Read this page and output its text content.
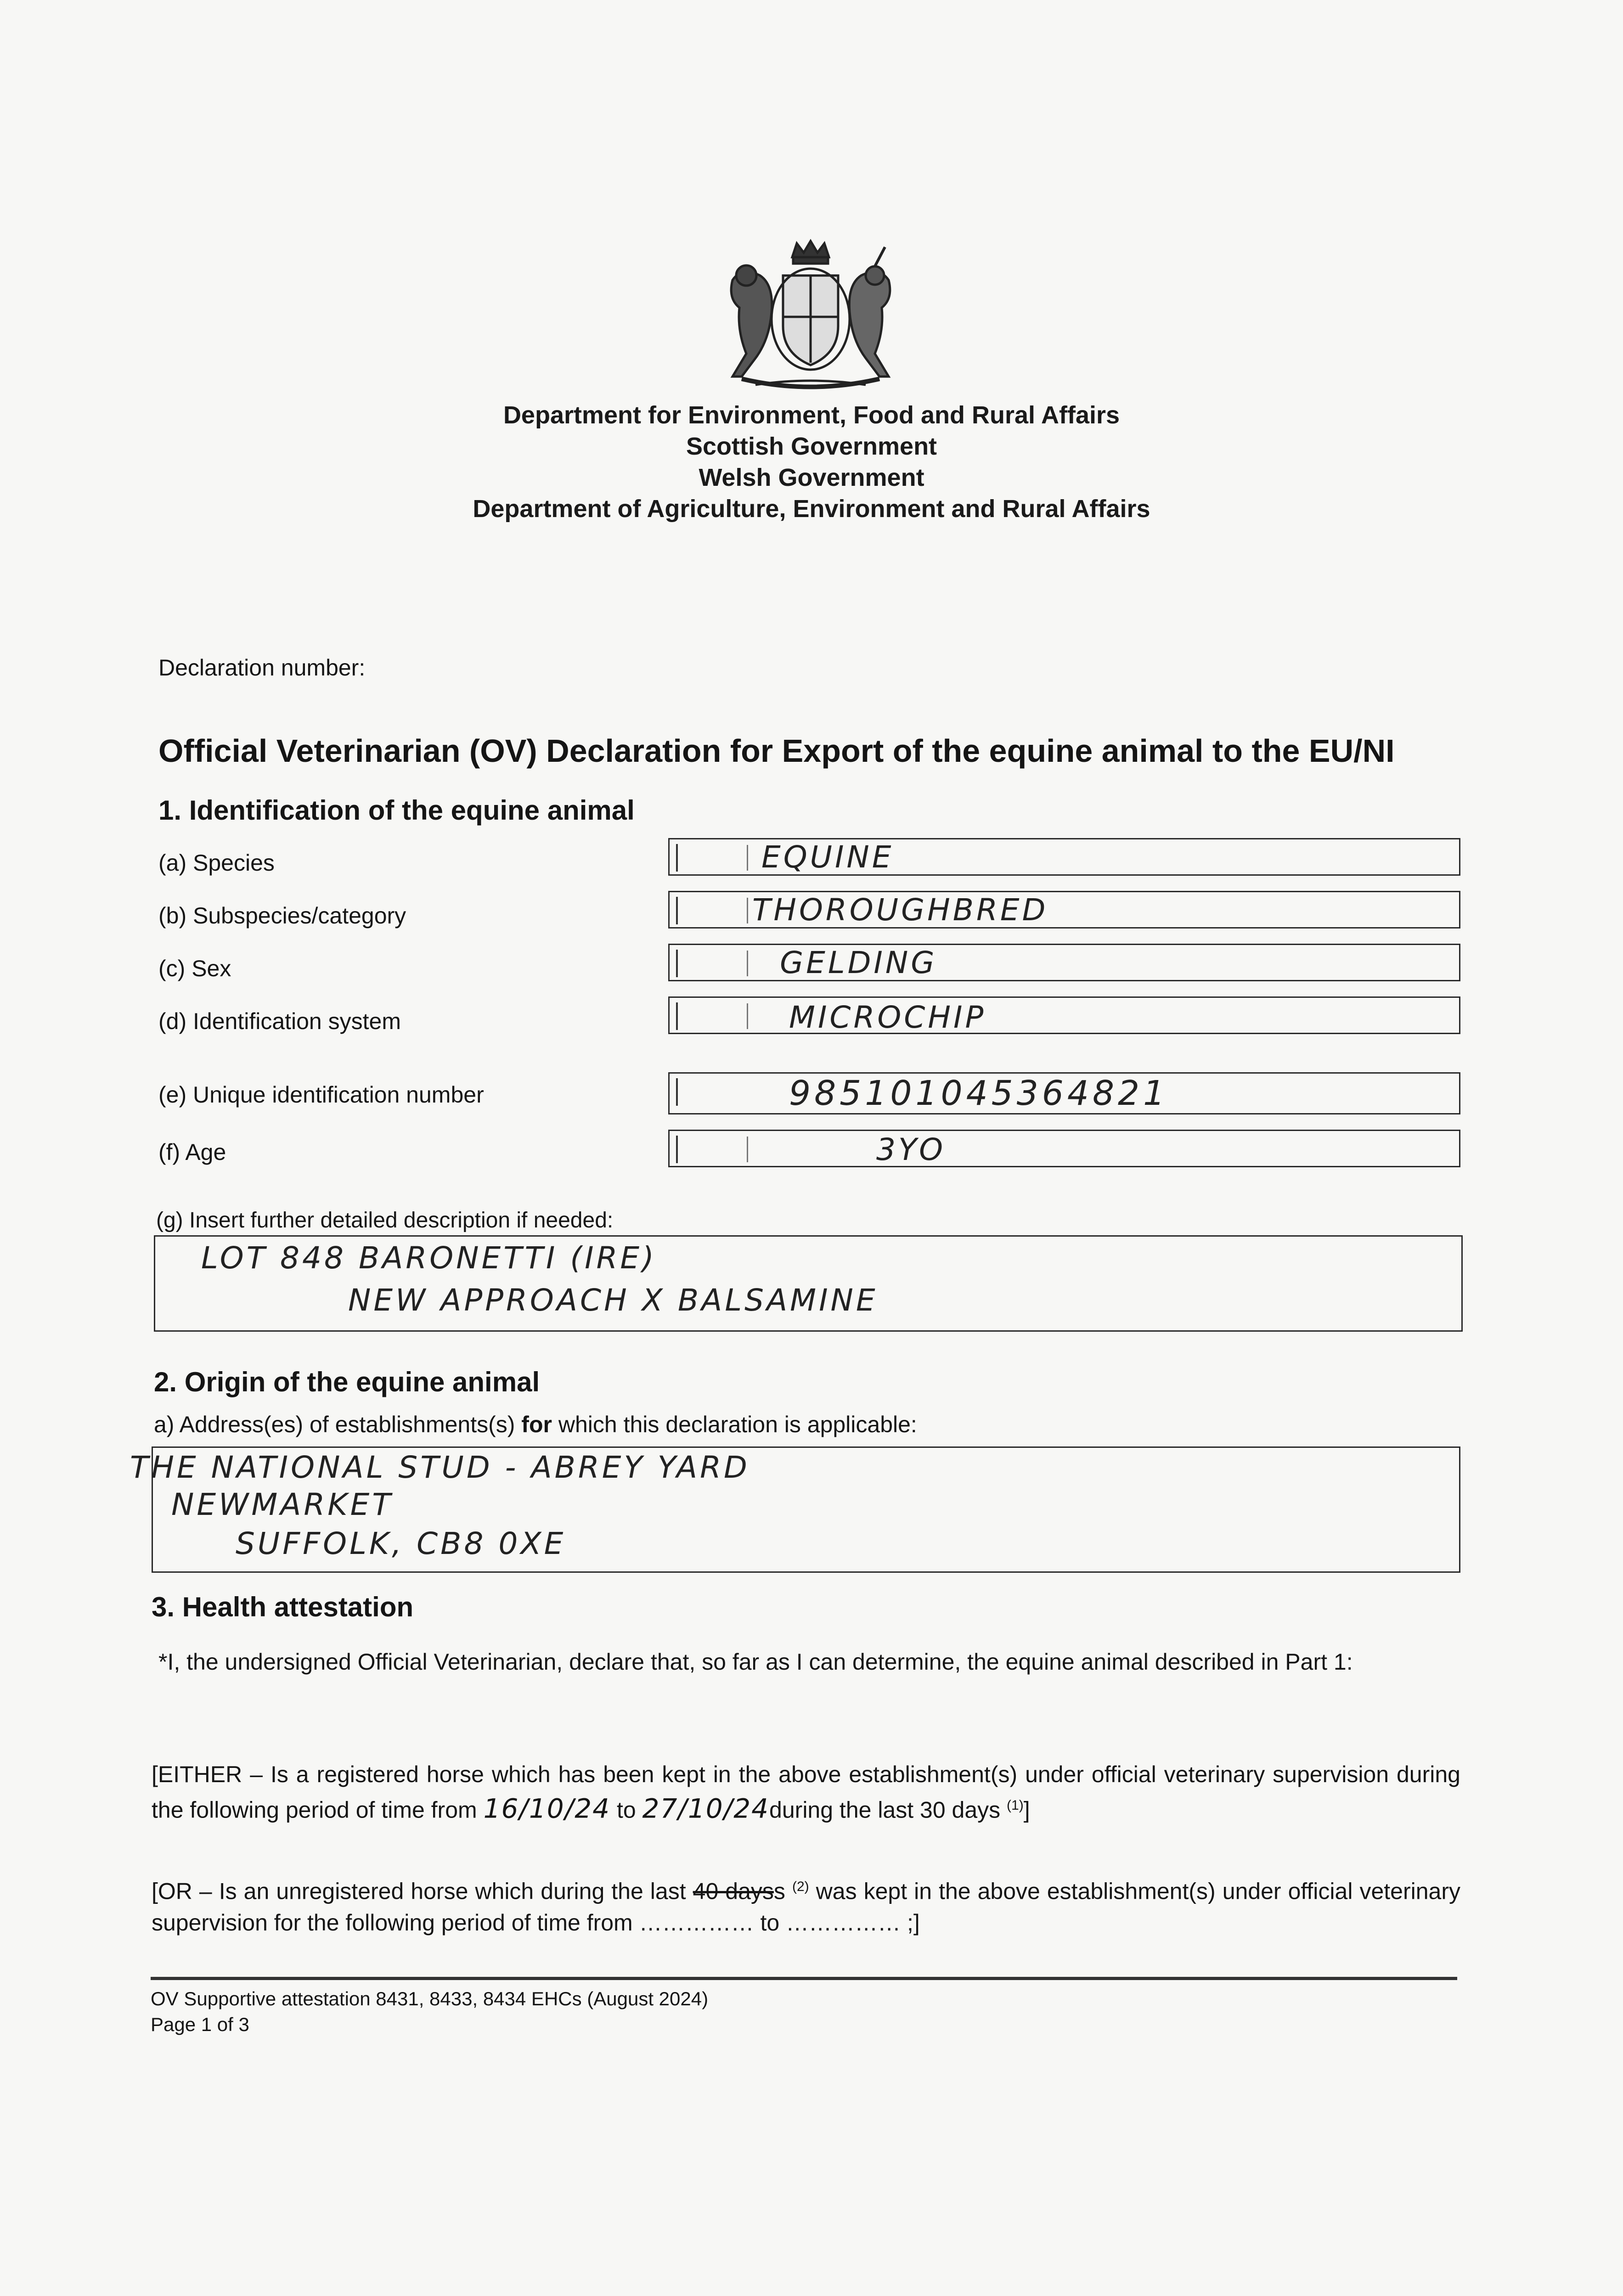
Department for Environment, Food and Rural Affairs
Scottish Government
Welsh Government
Department of Agriculture, Environment and Rural Affairs
Declaration number:
Official Veterinarian (OV) Declaration for Export of the equine animal to the EU/NI
1. Identification of the equine animal
(a) Species	EQUINE
(b) Subspecies/category	THOROUGHBRED
(c) Sex	GELDING
(d) Identification system	MICROCHIP
(e) Unique identification number	985101045364821
(f) Age	3YO
(g) Insert further detailed description if needed:
LOT 848 BARONETTI (IRE)
NEW APPROACH X BALSAMINE
2. Origin of the equine animal
a) Address(es) of establishments(s) for which this declaration is applicable:
THE NATIONAL STUD - ABREY YARD
NEWMARKET
SUFFOLK, CB8 0XE
3. Health attestation
*I, the undersigned Official Veterinarian, declare that, so far as I can determine, the equine animal described in Part 1:
[EITHER – Is a registered horse which has been kept in the above establishment(s) under official veterinary supervision during the following period of time from 16/10/24 to 27/10/24during the last 30 days $^{(1)}$]
[OR – Is an unregistered horse which during the last 40 dayss $^{(2)}$ was kept in the above establishment(s) under official veterinary supervision for the following period of time from …………… to …………… ;]
OV Supportive attestation 8431, 8433, 8434 EHCs (August 2024)
Page 1 of 3
